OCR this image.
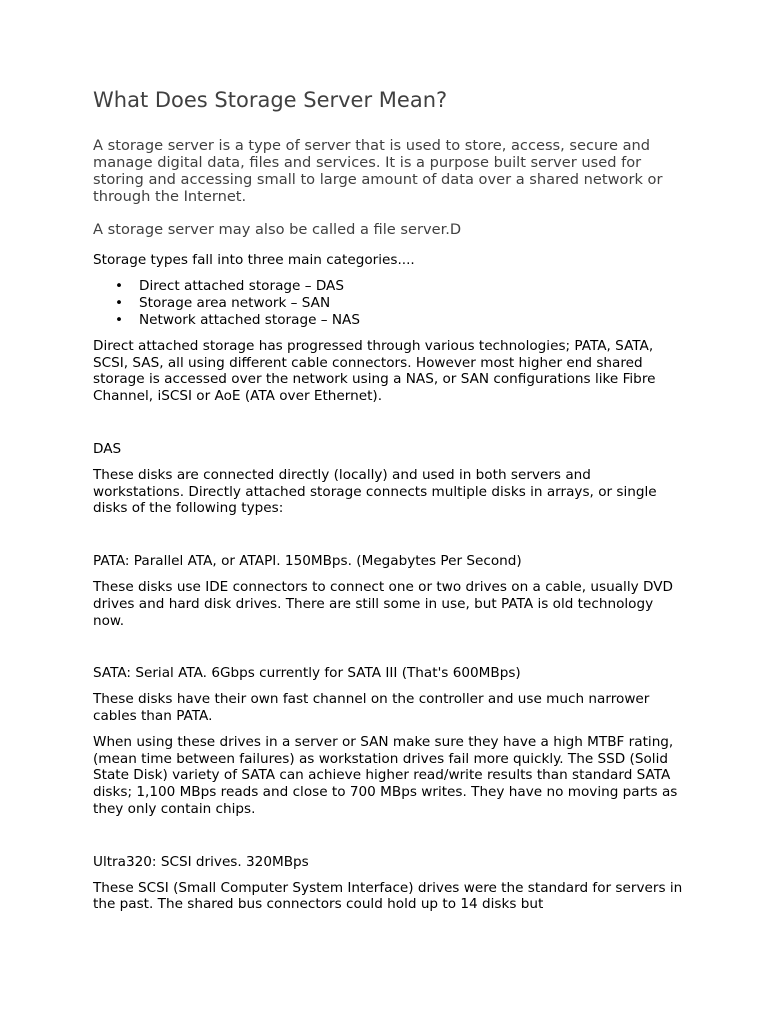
What Does Storage Server Mean?

A storage server is a type of server that is used to store, access, secure and manage digital data, files and services. It is a purpose built server used for storing and accessing small to large amount of data over a shared network or through the Internet.

A storage server may also be called a file server.D

Storage types fall into three main categories....

• Direct attached storage – DAS
• Storage area network – SAN
• Network attached storage – NAS

Direct attached storage has progressed through various technologies; PATA, SATA, SCSI, SAS, all using different cable connectors. However most higher end shared storage is accessed over the network using a NAS, or SAN configurations like Fibre Channel, iSCSI or AoE (ATA over Ethernet).

DAS

These disks are connected directly (locally) and used in both servers and workstations. Directly attached storage connects multiple disks in arrays, or single disks of the following types:

PATA: Parallel ATA, or ATAPI. 150MBps. (Megabytes Per Second)

These disks use IDE connectors to connect one or two drives on a cable, usually DVD drives and hard disk drives. There are still some in use, but PATA is old technology now.

SATA: Serial ATA. 6Gbps currently for SATA III (That's 600MBps)

These disks have their own fast channel on the controller and use much narrower cables than PATA.

When using these drives in a server or SAN make sure they have a high MTBF rating, (mean time between failures) as workstation drives fail more quickly. The SSD (Solid State Disk) variety of SATA can achieve higher read/write results than standard SATA disks; 1,100 MBps reads and close to 700 MBps writes. They have no moving parts as they only contain chips.

Ultra320: SCSI drives. 320MBps

These SCSI (Small Computer System Interface) drives were the standard for servers in the past. The shared bus connectors could hold up to 14 disks but
